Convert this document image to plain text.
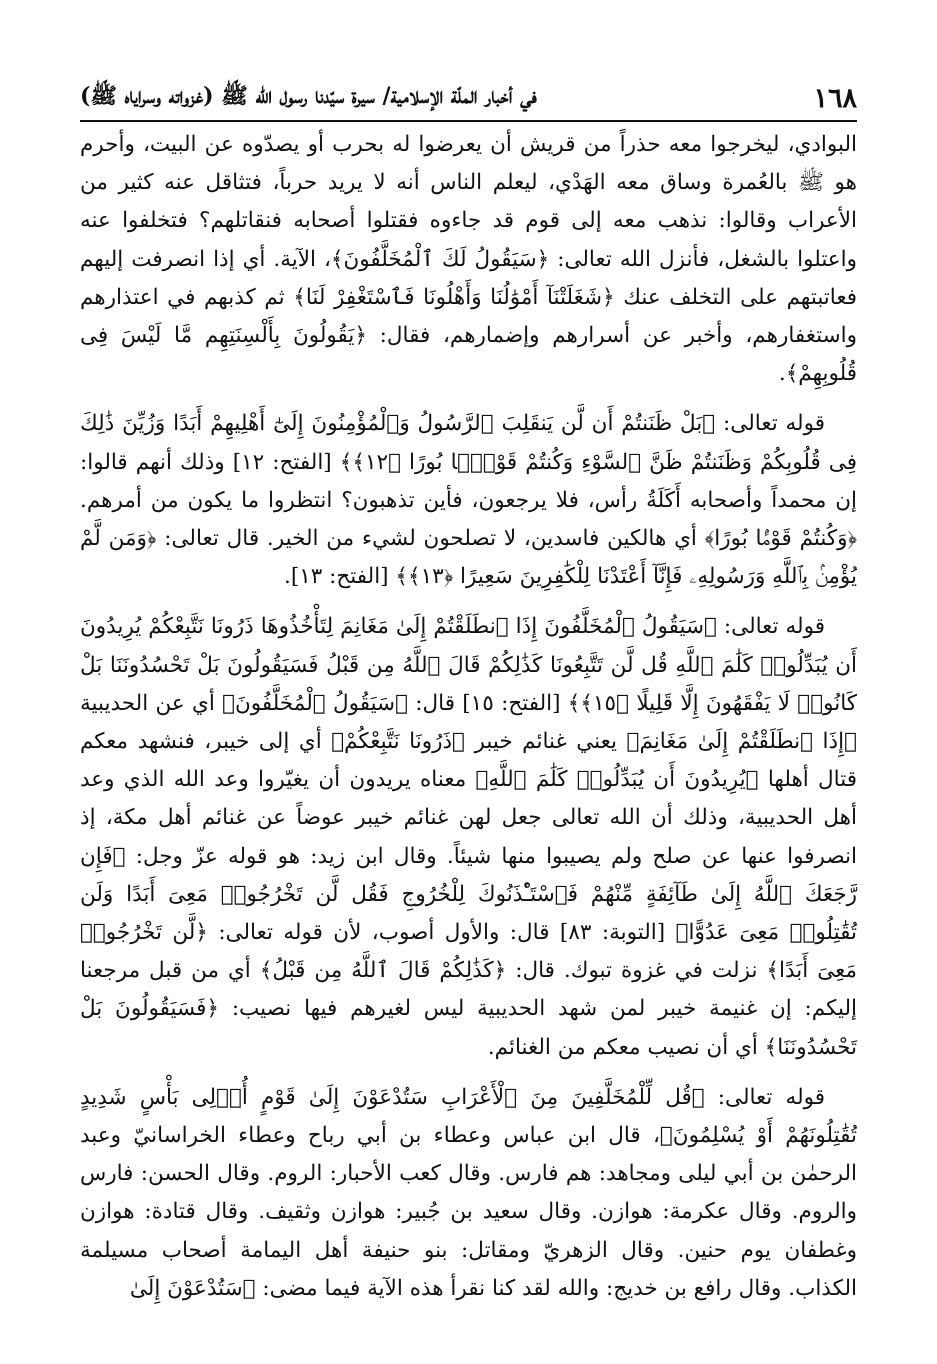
١٦٨
في أخبار الملّة الإسلامية/ سيرة سيّدنا رسول الله ﷺ (غزواته وسراياه ﷺ)

البوادي، ليخرجوا معه حذراً من قريش أن يعرضوا له بحرب أو يصدّوه عن البيت، وأحرم هو ﷺ بالعُمرة وساق معه الهَدْي، ليعلم الناس أنه لا يريد حرباً، فتثاقل عنه كثير من الأعراب وقالوا: نذهب معه إلى قوم قد جاءوه فقتلوا أصحابه فنقاتلهم؟ فتخلفوا عنه واعتلوا بالشغل، فأنزل الله تعالى: ﴿سَيَقُولُ لَكَ ٱلْمُخَلَّفُونَ﴾، الآية. أي إذا انصرفت إليهم فعاتبتهم على التخلف عنك ﴿شَغَلَتْنَآ أَمْوَٰلُنَا وَأَهْلُونَا فَٱسْتَغْفِرْ لَنَا﴾ ثم كذبهم في اعتذارهم واستغفارهم، وأخبر عن أسرارهم وإضمارهم، فقال: ﴿يَقُولُونَ بِأَلْسِنَتِهِم مَّا لَيْسَ فِى قُلُوبِهِمْ﴾.

قوله تعالى: ﴿بَلْ ظَنَنتُمْ أَن لَّن يَنقَلِبَ ٱلرَّسُولُ وَٱلْمُؤْمِنُونَ إِلَىٰٓ أَهْلِيهِمْ أَبَدًا وَزُيِّنَ ذَٰلِكَ فِى قُلُوبِكُمْ وَظَنَنتُمْ ظَنَّ ٱلسَّوْءِ وَكُنتُمْ قَوْمًۢا بُورًا ﴿١٢﴾﴾ [الفتح: ١٢] وذلك أنهم قالوا: إن محمداً وأصحابه أَكَلَةُ رأس، فلا يرجعون، فأين تذهبون؟ انتظروا ما يكون من أمرهم. ﴿وَكُنتُمْ قَوْمًۢا بُورًا﴾ أي هالكين فاسدين، لا تصلحون لشيء من الخير. قال تعالى: ﴿وَمَن لَّمْ يُؤْمِنۢ بِٱللَّهِ وَرَسُولِهِۦ فَإِنَّآ أَعْتَدْنَا لِلْكَٰفِرِينَ سَعِيرًا ﴿١٣﴾﴾ [الفتح: ١٣].

قوله تعالى: ﴿سَيَقُولُ ٱلْمُخَلَّفُونَ إِذَا ٱنطَلَقْتُمْ إِلَىٰ مَغَانِمَ لِتَأْخُذُوهَا ذَرُونَا نَتَّبِعْكُمْ يُرِيدُونَ أَن يُبَدِّلُوا۟ كَلَٰمَ ٱللَّهِ قُل لَّن تَتَّبِعُونَا كَذَٰلِكُمْ قَالَ ٱللَّهُ مِن قَبْلُ فَسَيَقُولُونَ بَلْ تَحْسُدُونَنَا بَلْ كَانُوا۟ لَا يَفْقَهُونَ إِلَّا قَلِيلًا ﴿١٥﴾﴾ [الفتح: ١٥] قال: ﴿سَيَقُولُ ٱلْمُخَلَّفُونَ﴾ أي عن الحديبية ﴿إِذَا ٱنطَلَقْتُمْ إِلَىٰ مَغَانِمَ﴾ يعني غنائم خيبر ﴿ذَرُونَا نَتَّبِعْكُمْ﴾ أي إلى خيبر، فنشهد معكم قتال أهلها ﴿يُرِيدُونَ أَن يُبَدِّلُوا۟ كَلَٰمَ ٱللَّهِ﴾ معناه يريدون أن يغيّروا وعد الله الذي وعد أهل الحديبية، وذلك أن الله تعالى جعل لهن غنائم خيبر عوضاً عن غنائم أهل مكة، إذ انصرفوا عنها عن صلح ولم يصيبوا منها شيئاً. وقال ابن زيد: هو قوله عزّ وجل: ﴿فَإِن رَّجَعَكَ ٱللَّهُ إِلَىٰ طَآئِفَةٍ مِّنْهُمْ فَٱسْتَـْٔذَنُوكَ لِلْخُرُوجِ فَقُل لَّن تَخْرُجُوا۟ مَعِىَ أَبَدًا وَلَن تُقَٰتِلُوا۟ مَعِىَ عَدُوًّا﴾ [التوبة: ٨٣] قال: والأول أصوب، لأن قوله تعالى: ﴿لَّن تَخْرُجُوا۟ مَعِىَ أَبَدًا﴾ نزلت في غزوة تبوك. قال: ﴿كَذَٰلِكُمْ قَالَ ٱللَّهُ مِن قَبْلُ﴾ أي من قبل مرجعنا إليكم: إن غنيمة خيبر لمن شهد الحديبية ليس لغيرهم فيها نصيب: ﴿فَسَيَقُولُونَ بَلْ تَحْسُدُونَنَا﴾ أي أن نصيب معكم من الغنائم.

قوله تعالى: ﴿قُل لِّلْمُخَلَّفِينَ مِنَ ٱلْأَعْرَابِ سَتُدْعَوْنَ إِلَىٰ قَوْمٍ أُو۟لِى بَأْسٍ شَدِيدٍ تُقَٰتِلُونَهُمْ أَوْ يُسْلِمُونَ﴾، قال ابن عباس وعطاء بن أبي رباح وعطاء الخراسانيّ وعبد الرحمٰن بن أبي ليلى ومجاهد: هم فارس. وقال كعب الأحبار: الروم. وقال الحسن: فارس والروم. وقال عكرمة: هوازن. وقال سعيد بن جُبير: هوازن وثقيف. وقال قتادة: هوازن وغطفان يوم حنين. وقال الزهريّ ومقاتل: بنو حنيفة أهل اليمامة أصحاب مسيلمة الكذاب. وقال رافع بن خديج: والله لقد كنا نقرأ هذه الآية فيما مضى: ﴿سَتُدْعَوْنَ إِلَىٰ
